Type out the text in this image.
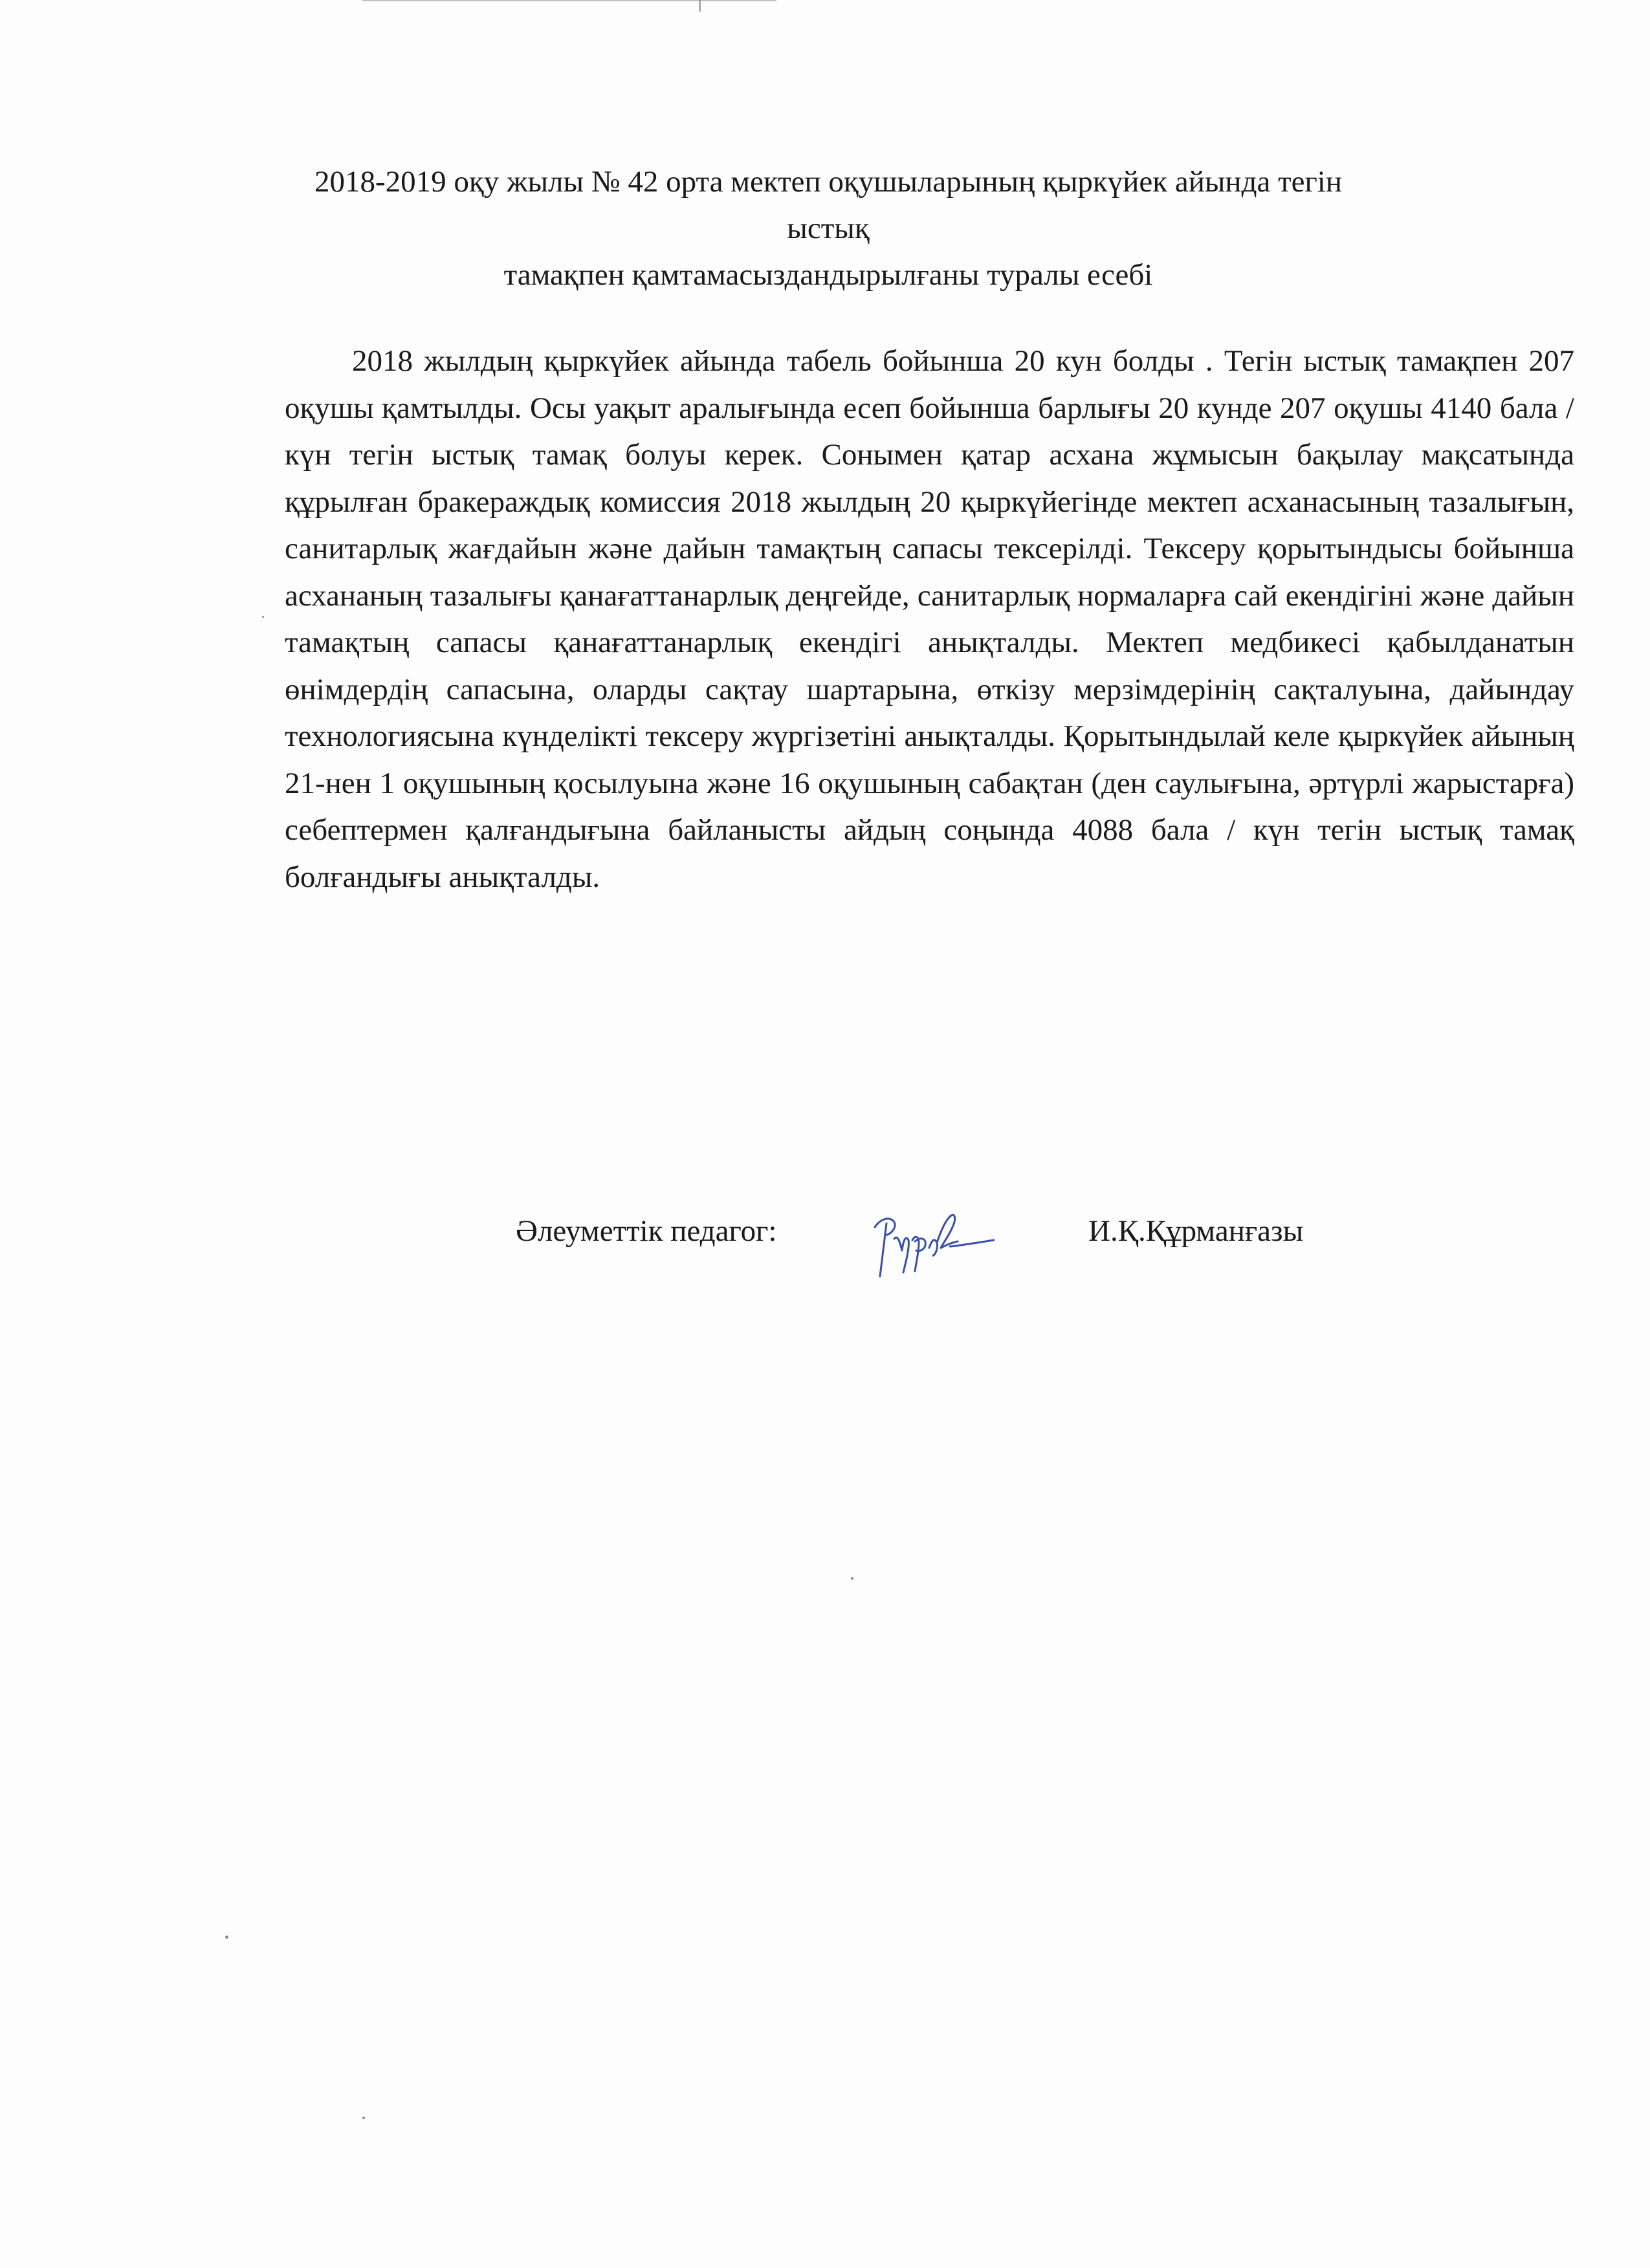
2018-2019 оқу жылы № 42 орта мектеп оқушыларының қыркүйек айында тегін ыстық
тамақпен қамтамасыздандырылғаны туралы есебі

2018 жылдың қыркүйек айында табель бойынша 20 кун болды . Тегін ыстық тамақпен 207 оқушы қамтылды. Осы уақыт аралығында есеп бойынша барлығы 20 кунде 207 оқушы 4140 бала / күн тегін ыстық тамақ болуы керек. Сонымен қатар асхана жұмысын бақылау мақсатында құрылған бракераждық комиссия 2018 жылдың 20 қыркүйегінде мектеп асханасының тазалығын, санитарлық жағдайын және дайын тамақтың сапасы тексерілді. Тексеру қорытындысы бойынша асхананың тазалығы қанағаттанарлық деңгейде, санитарлық нормаларға сай екендігіні және дайын тамақтың сапасы қанағаттанарлық екендігі анықталды. Мектеп медбикесі қабылданатын өнімдердің сапасына, оларды сақтау шартарына, өткізу мерзімдерінің сақталуына, дайындау технологиясына күнделікті тексеру жүргізетіні анықталды. Қорытындылай келе қыркүйек айының 21-нен 1 оқушының қосылуына және 16 оқушының сабақтан (ден саулығына, әртүрлі жарыстарға) себептермен қалғандығына байланысты айдың соңында 4088 бала / күн тегін ыстық тамақ болғандығы анықталды.

Әлеуметтік педагог:	И.Қ.Құрманғазы
